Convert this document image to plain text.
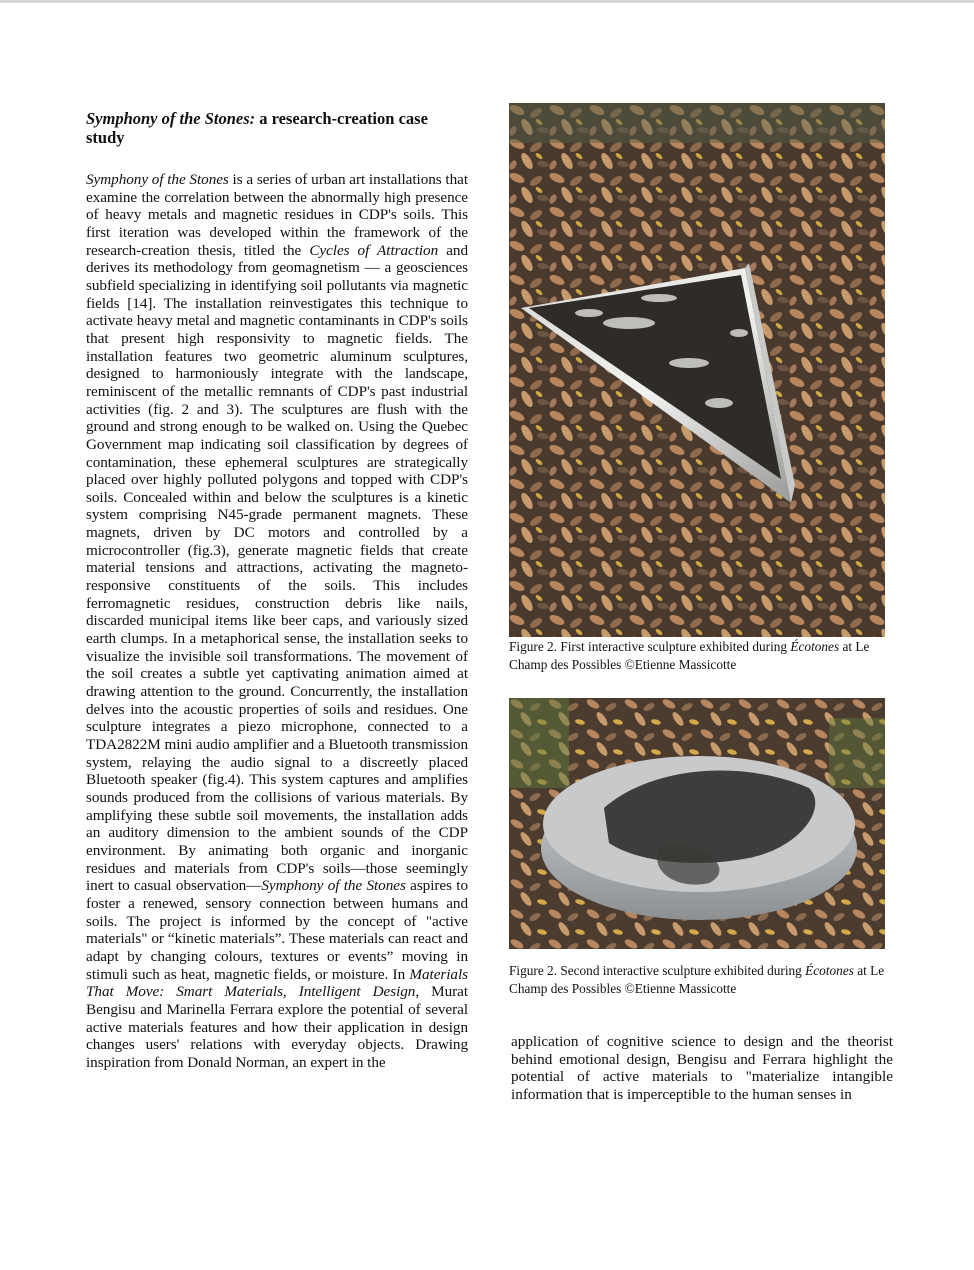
Symphony of the Stones: a research-creation case study

Symphony of the Stones is a series of urban art installations that examine the correlation between the abnormally high presence of heavy metals and magnetic residues in CDP's soils. This first iteration was developed within the framework of the research-creation thesis, titled the Cycles of Attraction and derives its methodology from geomagnetism — a geosciences subfield specializing in identifying soil pollutants via magnetic fields [14]. The installation reinvestigates this technique to activate heavy metal and magnetic contaminants in CDP's soils that present high responsivity to magnetic fields. The installation features two geometric aluminum sculptures, designed to harmoniously integrate with the landscape, reminiscent of the metallic remnants of CDP's past industrial activities (fig. 2 and 3). The sculptures are flush with the ground and strong enough to be walked on. Using the Quebec Government map indicating soil classification by degrees of contamination, these ephemeral sculptures are strategically placed over highly polluted polygons and topped with CDP's soils. Concealed within and below the sculptures is a kinetic system comprising N45-grade permanent magnets. These magnets, driven by DC motors and controlled by a microcontroller (fig.3), generate magnetic fields that create material tensions and attractions, activating the magneto-responsive constituents of the soils. This includes ferromagnetic residues, construction debris like nails, discarded municipal items like beer caps, and variously sized earth clumps. In a metaphorical sense, the installation seeks to visualize the invisible soil transformations. The movement of the soil creates a subtle yet captivating animation aimed at drawing attention to the ground. Concurrently, the installation delves into the acoustic properties of soils and residues. One sculpture integrates a piezo microphone, connected to a TDA2822M mini audio amplifier and a Bluetooth transmission system, relaying the audio signal to a discreetly placed Bluetooth speaker (fig.4). This system captures and amplifies sounds produced from the collisions of various materials. By amplifying these subtle soil movements, the installation adds an auditory dimension to the ambient sounds of the CDP environment. By animating both organic and inorganic residues and materials from CDP's soils—those seemingly inert to casual observation—Symphony of the Stones aspires to foster a renewed, sensory connection between humans and soils. The project is informed by the concept of "active materials" or “kinetic materials”. These materials can react and adapt by changing colours, textures or events” moving in stimuli such as heat, magnetic fields, or moisture. In Materials That Move: Smart Materials, Intelligent Design, Murat Bengisu and Marinella Ferrara explore the potential of several active materials features and how their application in design changes users' relations with everyday objects. Drawing inspiration from Donald Norman, an expert in the

Figure 2. First interactive sculpture exhibited during Écotones at Le Champ des Possibles ©Etienne Massicotte

Figure 2. Second interactive sculpture exhibited during Écotones at Le Champ des Possibles ©Etienne Massicotte

application of cognitive science to design and the theorist behind emotional design, Bengisu and Ferrara highlight the potential of active materials to "materialize intangible information that is imperceptible to the human senses in
